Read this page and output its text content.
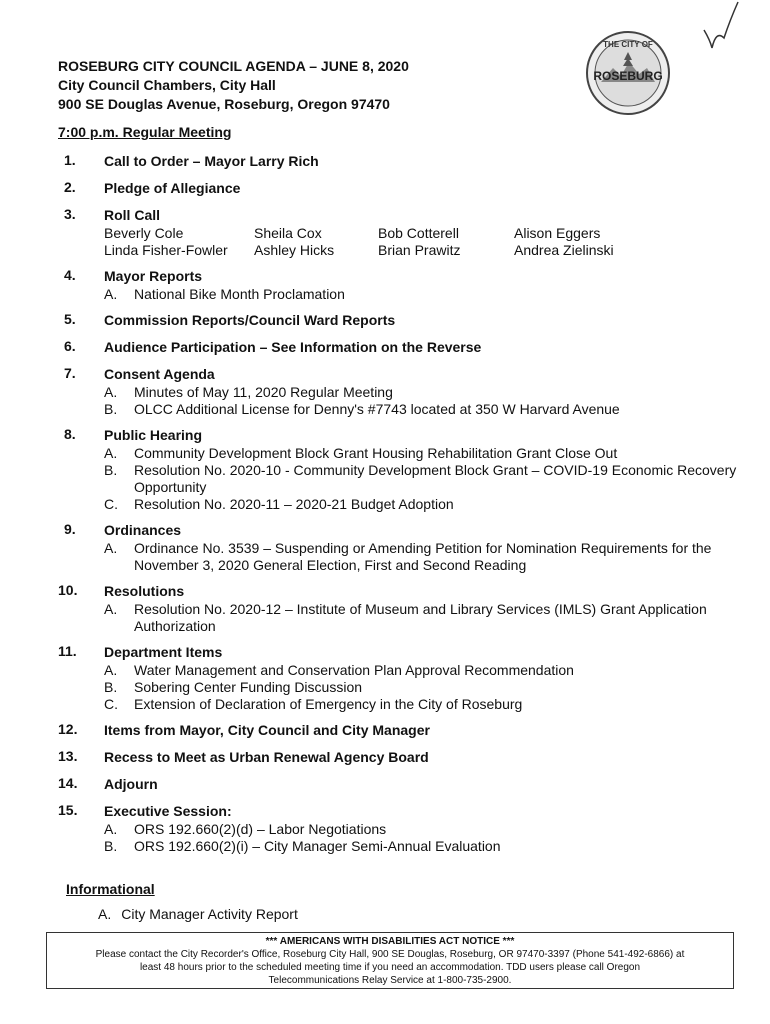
ROSEBURG CITY COUNCIL AGENDA – JUNE 8, 2020
City Council Chambers, City Hall
900 SE Douglas Avenue, Roseburg, Oregon 97470
THE CITY OF
ROSEBURG
7:00 p.m. Regular Meeting
1. Call to Order – Mayor Larry Rich
2. Pledge of Allegiance
3. Roll Call
Beverly Cole	Sheila Cox	Bob Cotterell	Alison Eggers
Linda Fisher-Fowler	Ashley Hicks	Brian Prawitz	Andrea Zielinski
4. Mayor Reports
A. National Bike Month Proclamation
5. Commission Reports/Council Ward Reports
6. Audience Participation – See Information on the Reverse
7. Consent Agenda
A. Minutes of May 11, 2020 Regular Meeting
B. OLCC Additional License for Denny's #7743 located at 350 W Harvard Avenue
8. Public Hearing
A. Community Development Block Grant Housing Rehabilitation Grant Close Out
B. Resolution No. 2020-10 - Community Development Block Grant – COVID-19 Economic Recovery Opportunity
C. Resolution No. 2020-11 – 2020-21 Budget Adoption
9. Ordinances
A. Ordinance No. 3539 – Suspending or Amending Petition for Nomination Requirements for the November 3, 2020 General Election, First and Second Reading
10. Resolutions
A. Resolution No. 2020-12 – Institute of Museum and Library Services (IMLS) Grant Application Authorization
11. Department Items
A. Water Management and Conservation Plan Approval Recommendation
B. Sobering Center Funding Discussion
C. Extension of Declaration of Emergency in the City of Roseburg
12. Items from Mayor, City Council and City Manager
13. Recess to Meet as Urban Renewal Agency Board
14. Adjourn
15. Executive Session:
A. ORS 192.660(2)(d) – Labor Negotiations
B. ORS 192.660(2)(i) – City Manager Semi-Annual Evaluation
Informational
A. City Manager Activity Report
*** AMERICANS WITH DISABILITIES ACT NOTICE ***
Please contact the City Recorder's Office, Roseburg City Hall, 900 SE Douglas, Roseburg, OR 97470-3397 (Phone 541-492-6866) at
least 48 hours prior to the scheduled meeting time if you need an accommodation. TDD users please call Oregon
Telecommunications Relay Service at 1-800-735-2900.
